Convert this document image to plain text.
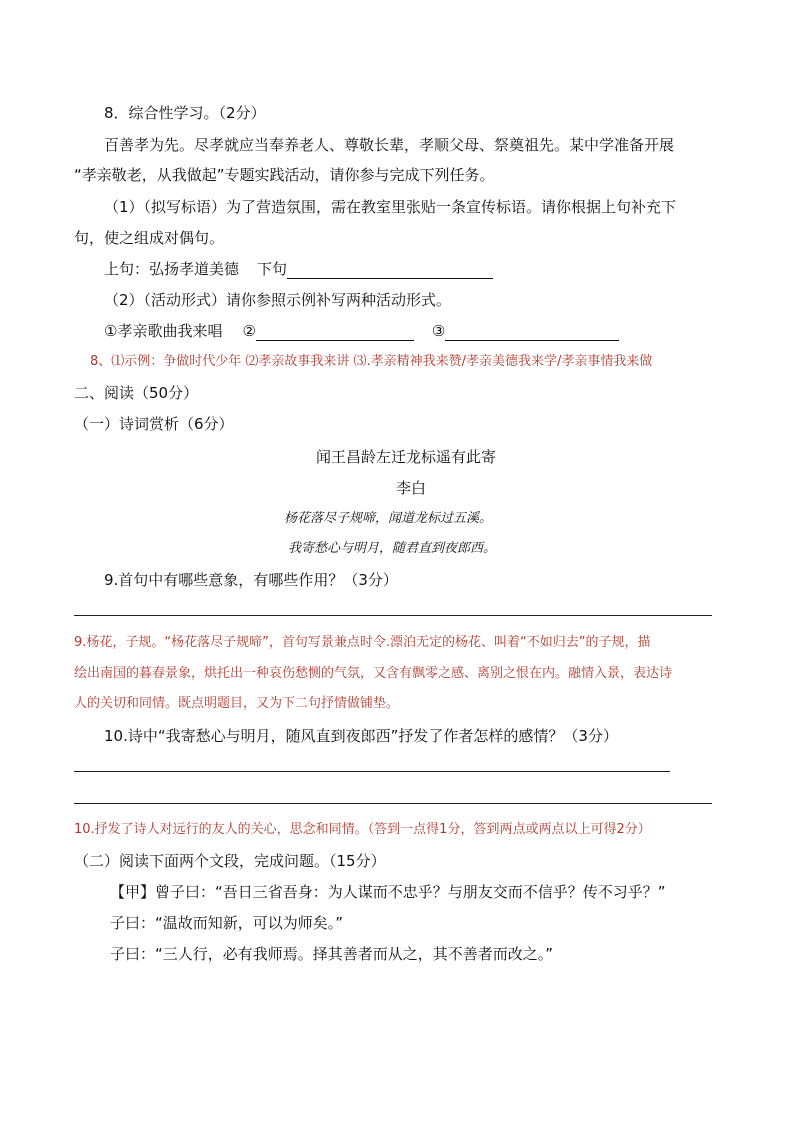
8．综合性学习。（2分）
百善孝为先。尽孝就应当奉养老人、尊敬长辈，孝顺父母、祭奠祖先。某中学准备开展
“孝亲敬老，从我做起”专题实践活动，请你参与完成下列任务。
（1）（拟写标语）为了营造氛围，需在教室里张贴一条宣传标语。请你根据上句补充下
句，使之组成对偶句。
上句：弘扬孝道美德 下句
（2）（活动形式）请你参照示例补写两种活动形式。
①孝亲歌曲我来唱 ②	③
8、⑴示例：争做时代少年 ⑵孝亲故事我来讲 ⑶.孝亲精神我来赞/孝亲美德我来学/孝亲事情我来做
二、阅读（50分）
（一）诗词赏析（6分）
闻王昌龄左迁龙标遥有此寄
李白
杨花落尽子规啼，闻道龙标过五溪。
我寄愁心与明月，随君直到夜郎西。
9.首句中有哪些意象，有哪些作用？（3分）
9.杨花，子规。“杨花落尽子规啼”，首句写景兼点时令.漂泊无定的杨花、叫着“不如归去”的子规，描
绘出南国的暮春景象，烘托出一种哀伤愁恻的气氛，又含有飘零之感、离别之恨在内。融情入景，表达诗
人的关切和同情。既点明题目，又为下二句抒情做铺垫。
10.诗中“我寄愁心与明月，随风直到夜郎西”抒发了作者怎样的感情？（3分）
10.抒发了诗人对远行的友人的关心，思念和同情。（答到一点得1分，答到两点或两点以上可得2分）
（二）阅读下面两个文段，完成问题。（15分）
【甲】曾子曰：“吾日三省吾身：为人谋而不忠乎？与朋友交而不信乎？传不习乎？”
子曰：“温故而知新，可以为师矣。”
子曰：“三人行，必有我师焉。择其善者而从之，其不善者而改之。”
